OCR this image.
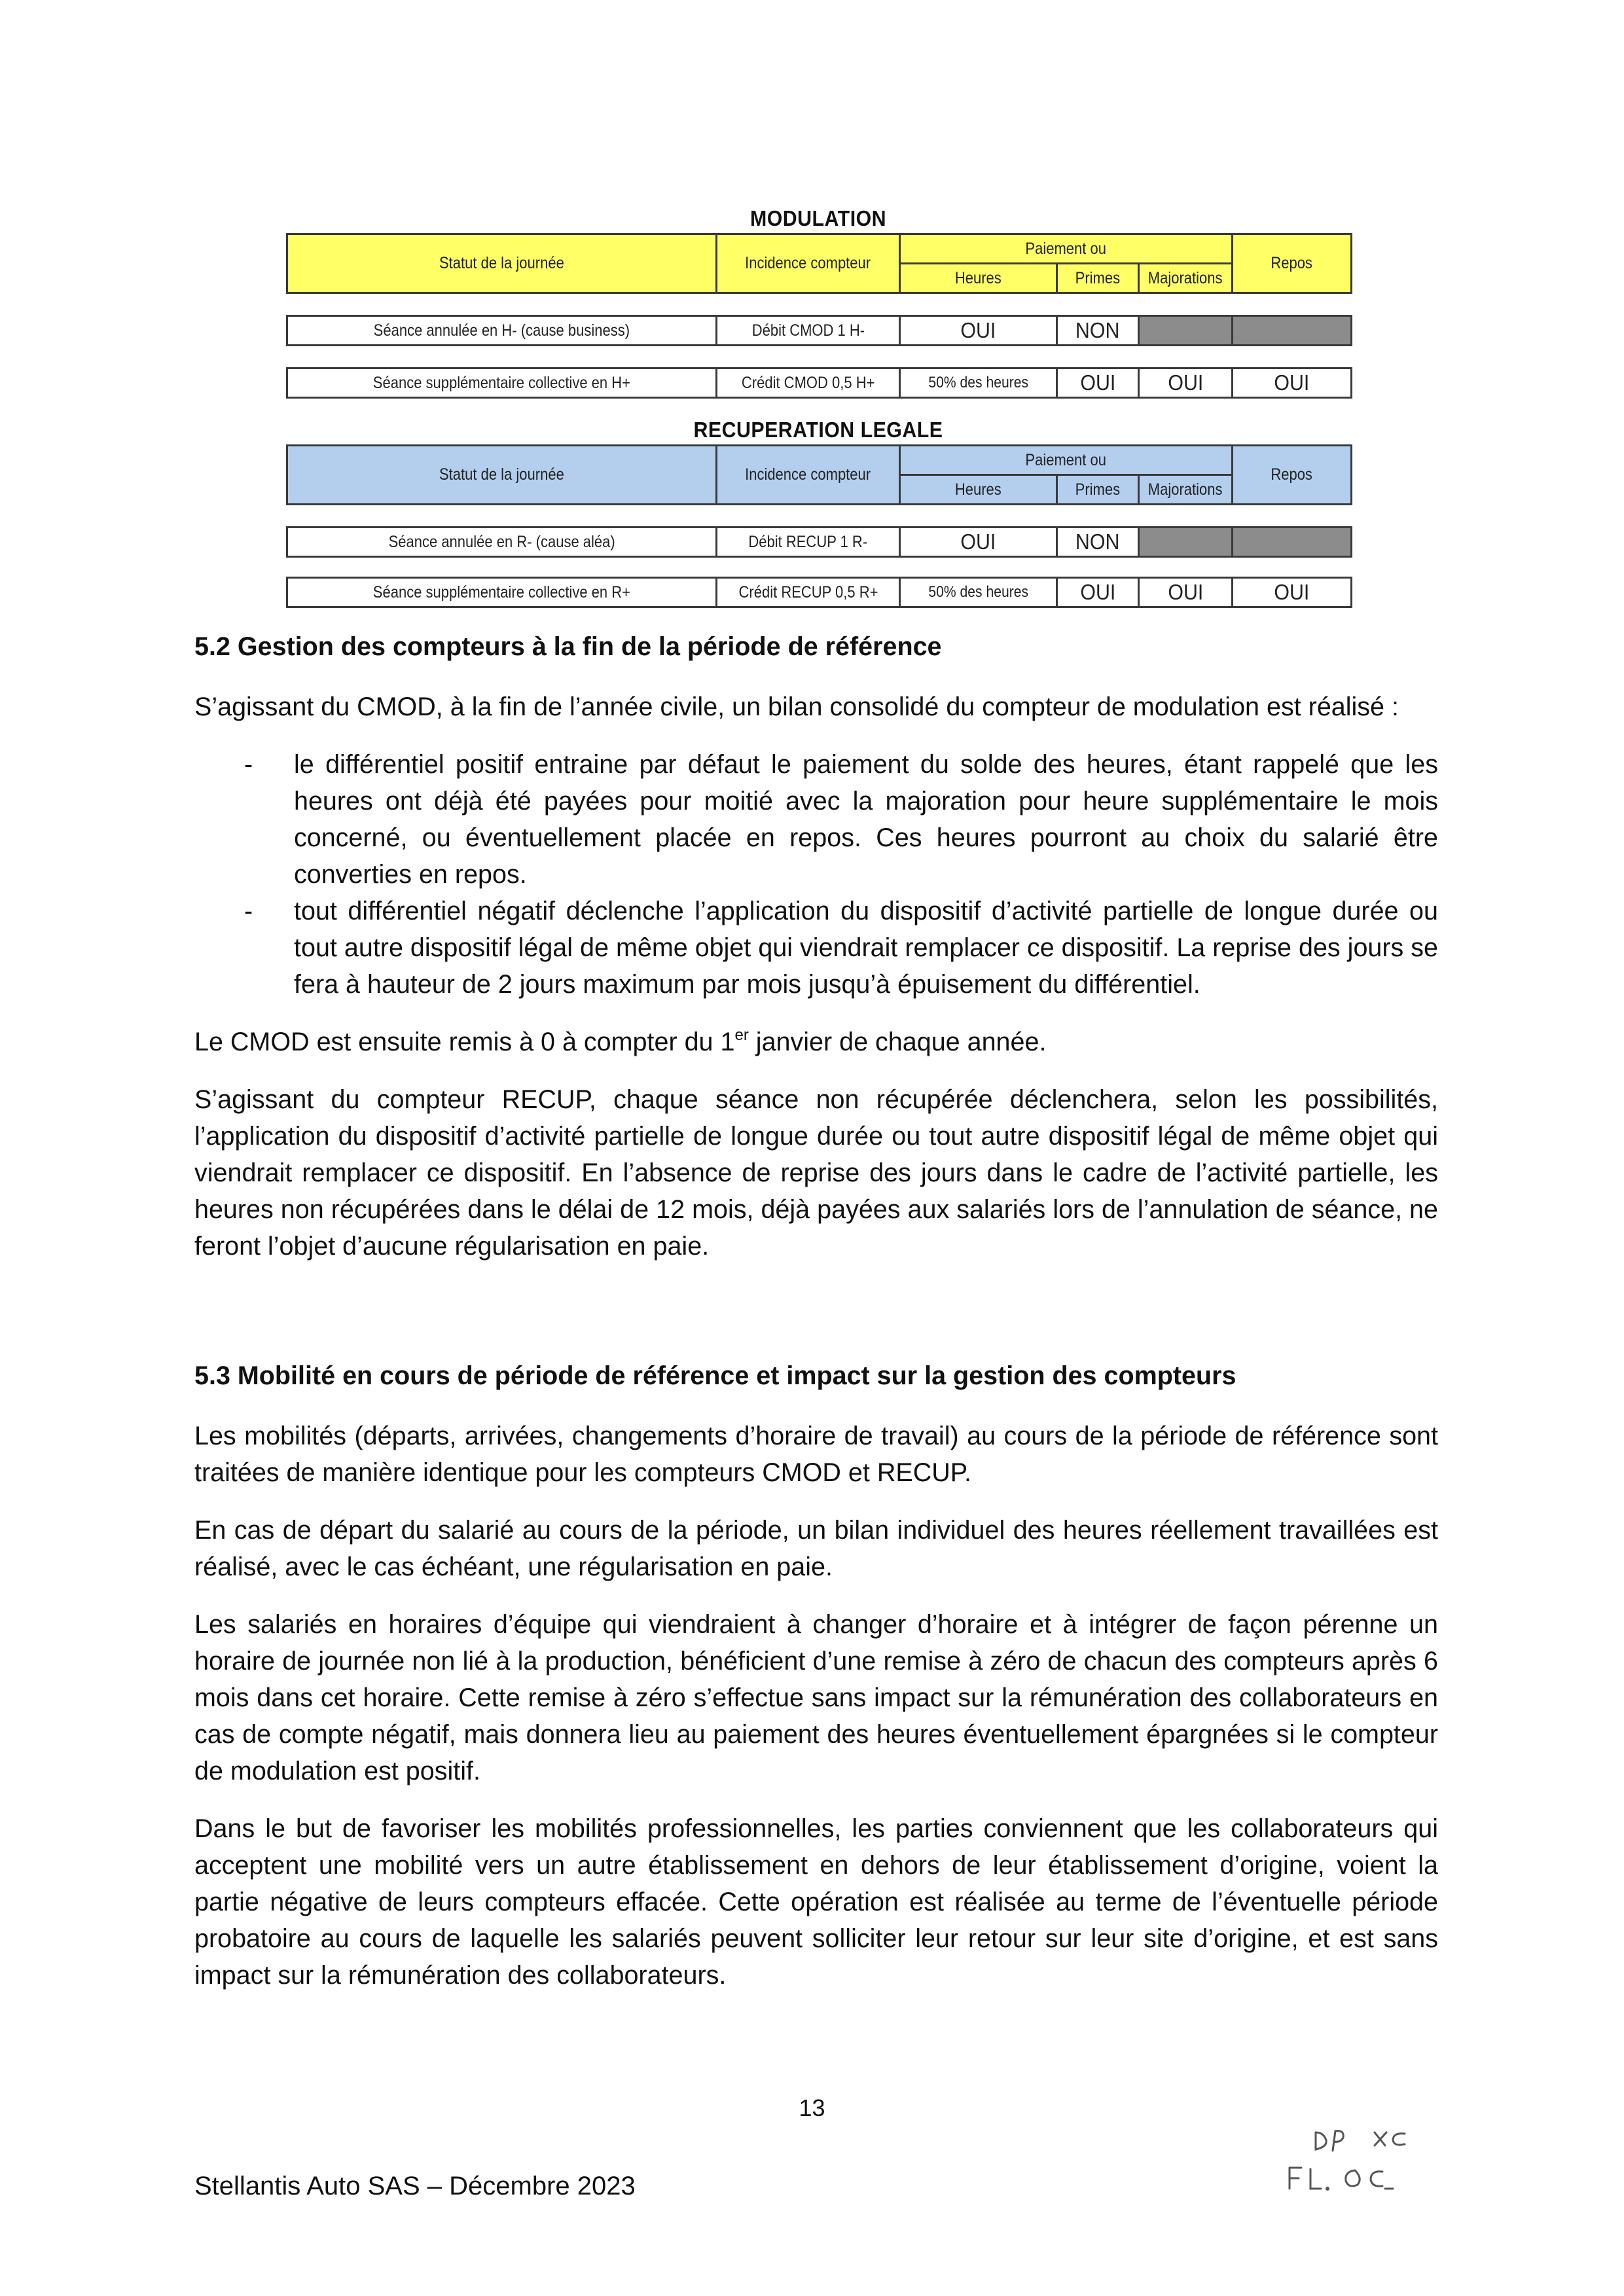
MODULATION
Statut de la journée	Incidence compteur	Paiement ou			Repos
		Heures	Primes	Majorations	

Séance annulée en H- (cause business)	Débit CMOD 1 H-	OUI	NON		

Séance supplémentaire collective en H+	Crédit CMOD 0,5 H+	50% des heures	OUI	OUI	OUI
RECUPERATION LEGALE
Statut de la journée	Incidence compteur	Paiement ou			Repos
		Heures	Primes	Majorations	

Séance annulée en R- (cause aléa)	Débit RECUP 1 R-	OUI	NON		

Séance supplémentaire collective en R+	Crédit RECUP 0,5 R+	50% des heures	OUI	OUI	OUI
5.2 Gestion des compteurs à la fin de la période de référence

S’agissant du CMOD, à la fin de l’année civile, un bilan consolidé du compteur de modulation est réalisé :

- le différentiel positif entraine par défaut le paiement du solde des heures, étant rappelé que les heures ont déjà été payées pour moitié avec la majoration pour heure supplémentaire le mois concerné, ou éventuellement placée en repos. Ces heures pourront au choix du salarié être converties en repos.
- tout différentiel négatif déclenche l’application du dispositif d’activité partielle de longue durée ou tout autre dispositif légal de même objet qui viendrait remplacer ce dispositif. La reprise des jours se fera à hauteur de 2 jours maximum par mois jusqu’à épuisement du différentiel.

Le CMOD est ensuite remis à 0 à compter du 1er janvier de chaque année.

S’agissant du compteur RECUP, chaque séance non récupérée déclenchera, selon les possibilités, l’application du dispositif d’activité partielle de longue durée ou tout autre dispositif légal de même objet qui viendrait remplacer ce dispositif. En l’absence de reprise des jours dans le cadre de l’activité partielle, les heures non récupérées dans le délai de 12 mois, déjà payées aux salariés lors de l’annulation de séance, ne feront l’objet d’aucune régularisation en paie.

5.3 Mobilité en cours de période de référence et impact sur la gestion des compteurs

Les mobilités (départs, arrivées, changements d’horaire de travail) au cours de la période de référence sont traitées de manière identique pour les compteurs CMOD et RECUP.

En cas de départ du salarié au cours de la période, un bilan individuel des heures réellement travaillées est réalisé, avec le cas échéant, une régularisation en paie.

Les salariés en horaires d’équipe qui viendraient à changer d’horaire et à intégrer de façon pérenne un horaire de journée non lié à la production, bénéficient d’une remise à zéro de chacun des compteurs après 6 mois dans cet horaire. Cette remise à zéro s’effectue sans impact sur la rémunération des collaborateurs en cas de compte négatif, mais donnera lieu au paiement des heures éventuellement épargnées si le compteur de modulation est positif.

Dans le but de favoriser les mobilités professionnelles, les parties conviennent que les collaborateurs qui acceptent une mobilité vers un autre établissement en dehors de leur établissement d’origine, voient la partie négative de leurs compteurs effacée. Cette opération est réalisée au terme de l’éventuelle période probatoire au cours de laquelle les salariés peuvent solliciter leur retour sur leur site d’origine, et est sans impact sur la rémunération des collaborateurs.

13
Stellantis Auto SAS – Décembre 2023
